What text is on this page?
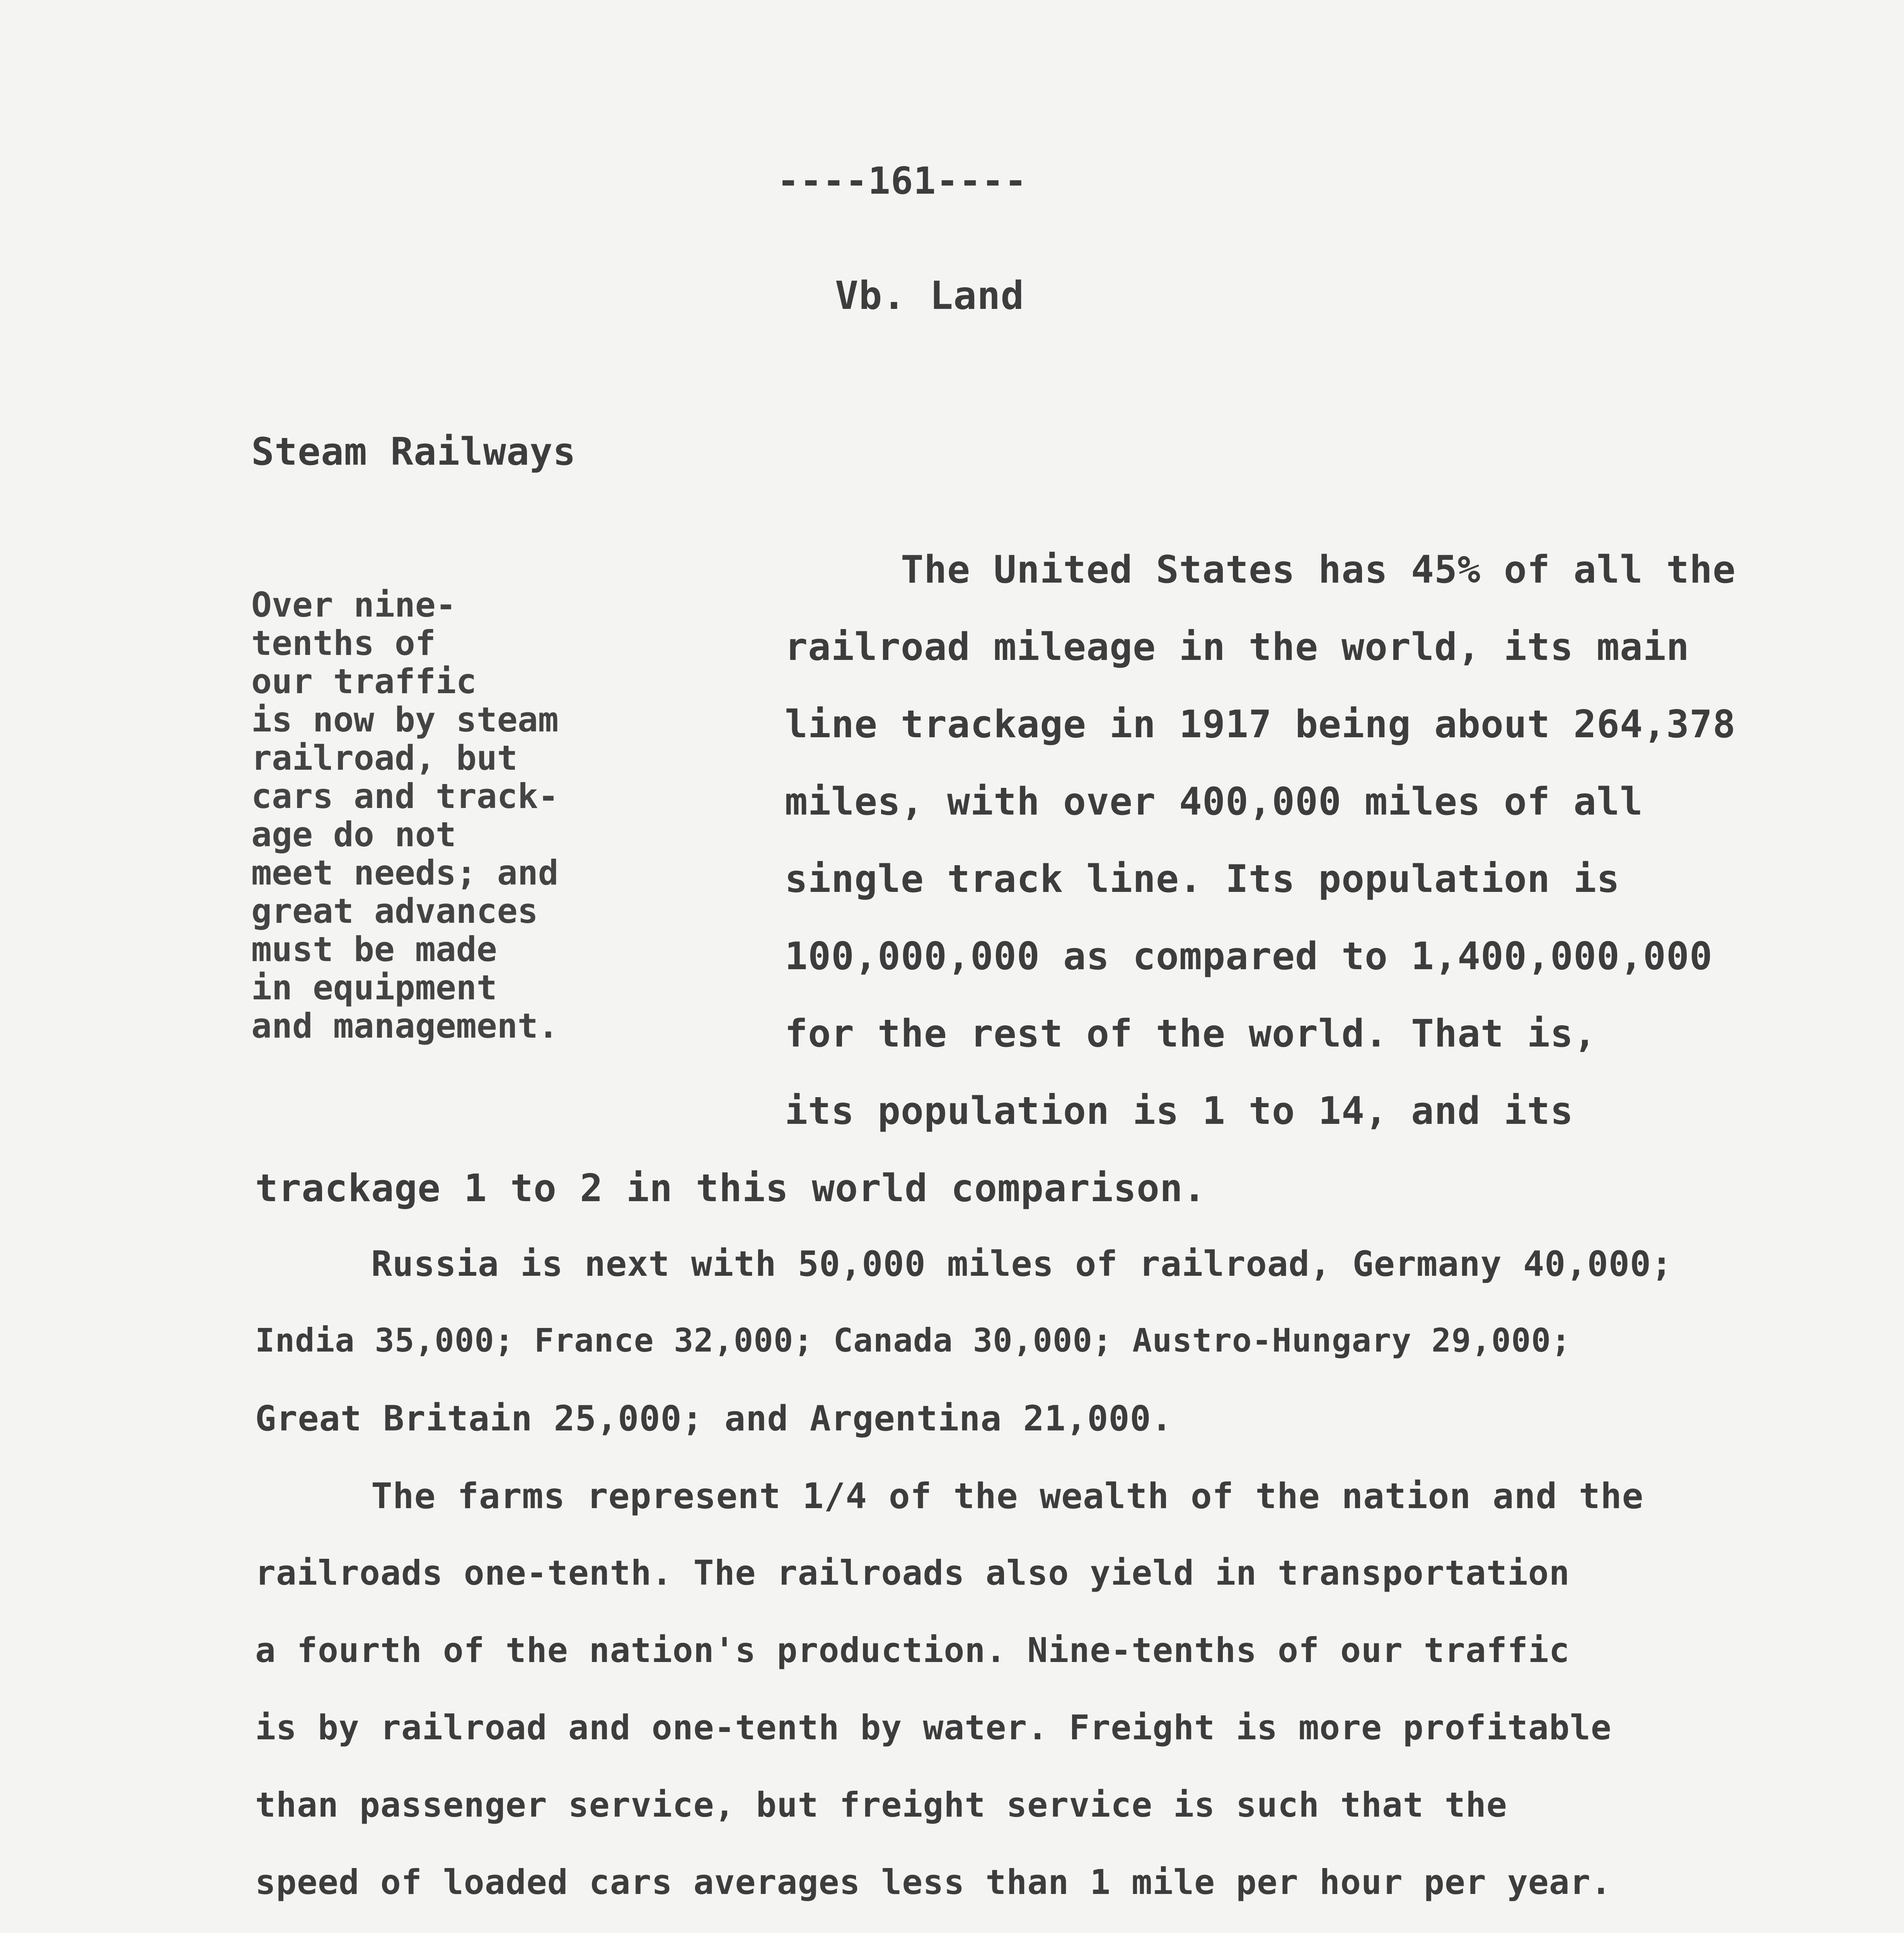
----161----
Vb. Land
Steam Railways
Over nine-
tenths of
our traffic
is now by steam
railroad, but
cars and track-
age do not
meet needs; and
great advances
must be made
in equipment
and management.
The United States has 45% of all the
railroad mileage in the world, its main
line trackage in 1917 being about 264,378
miles, with over 400,000 miles of all
single track line. Its population is
100,000,000 as compared to 1,400,000,000
for the rest of the world. That is,
its population is 1 to 14, and its
trackage 1 to 2 in this world comparison.
Russia is next with 50,000 miles of railroad, Germany 40,000;
India 35,000; France 32,000; Canada 30,000; Austro-Hungary 29,000;
Great Britain 25,000; and Argentina 21,000.
The farms represent 1/4 of the wealth of the nation and the
railroads one-tenth. The railroads also yield in transportation
a fourth of the nation's production. Nine-tenths of our traffic
is by railroad and one-tenth by water. Freight is more profitable
than passenger service, but freight service is such that the
speed of loaded cars averages less than 1 mile per hour per year.
